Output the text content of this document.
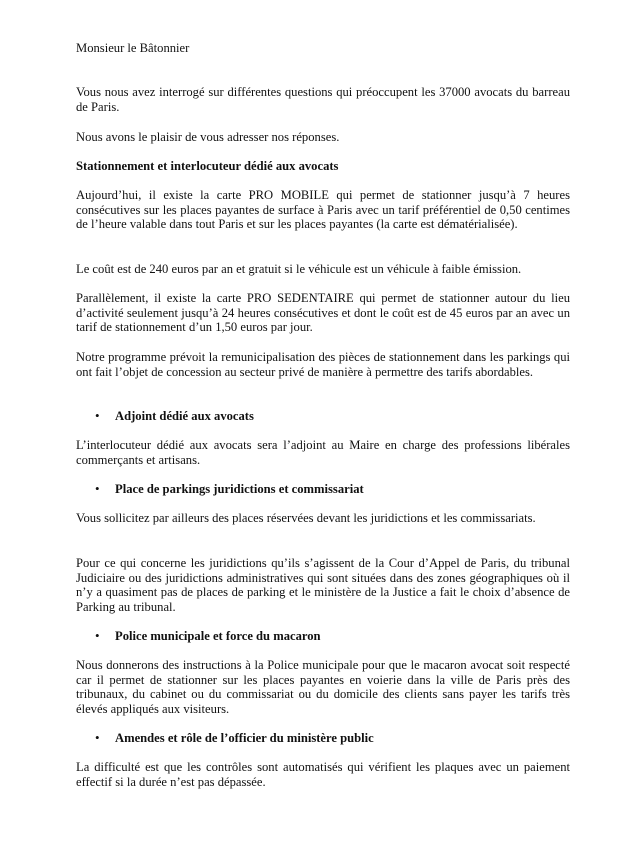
Monsieur le Bâtonnier

Vous nous avez interrogé sur différentes questions qui préoccupent les 37000 avocats du barreau de Paris.

Nous avons le plaisir de vous adresser nos réponses.

Stationnement et interlocuteur dédié aux avocats

Aujourd’hui, il existe la carte PRO MOBILE qui permet de stationner jusqu’à 7 heures consécutives sur les places payantes de surface à Paris avec un tarif préférentiel de 0,50 centimes de l’heure valable dans tout Paris et sur les places payantes (la carte est dématérialisée).

Le coût est de 240 euros par an et gratuit si le véhicule est un véhicule à faible émission.

Parallèlement, il existe la carte PRO SEDENTAIRE qui permet de stationner autour du lieu d’activité seulement jusqu’à 24 heures consécutives et dont le coût est de 45 euros par an avec un tarif de stationnement d’un 1,50 euros par jour.

Notre programme prévoit la remunicipalisation des pièces de stationnement dans les parkings qui ont fait l’objet de concession au secteur privé de manière à permettre des tarifs abordables.

•	Adjoint dédié aux avocats

L’interlocuteur dédié aux avocats sera l’adjoint au Maire en charge des professions libérales commerçants et artisans.

•	Place de parkings juridictions et commissariat

Vous sollicitez par ailleurs des places réservées devant les juridictions et les commissariats.

Pour ce qui concerne les juridictions qu’ils s’agissent de la Cour d’Appel de Paris, du tribunal Judiciaire ou des juridictions administratives qui sont situées dans des zones géographiques où il n’y a quasiment pas de places de parking et le ministère de la Justice a fait le choix d’absence de Parking au tribunal.

•	Police municipale et force du macaron

Nous donnerons des instructions à la Police municipale pour que le macaron avocat soit respecté car il permet de stationner sur les places payantes en voierie dans la ville de Paris près des tribunaux, du cabinet ou du commissariat ou du domicile des clients sans payer les tarifs très élevés appliqués aux visiteurs.

•	Amendes et rôle de l’officier du ministère public

La difficulté est que les contrôles sont automatisés qui vérifient les plaques avec un paiement effectif si la durée n’est pas dépassée.
